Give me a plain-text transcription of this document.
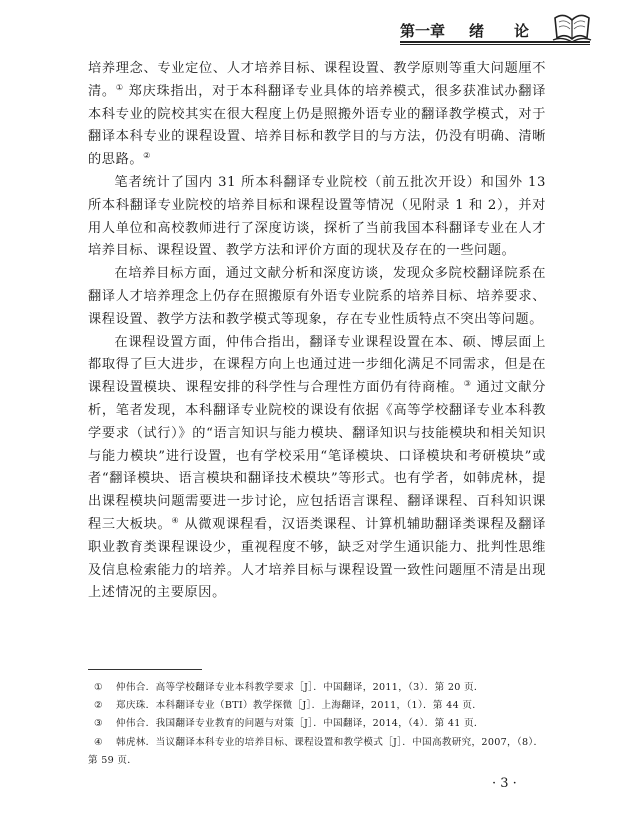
第一章 绪 论

培养理念、专业定位、人才培养目标、课程设置、教学原则等重大问题厘不清。① 郑庆珠指出，对于本科翻译专业具体的培养模式，很多获准试办翻译本科专业的院校其实在很大程度上仍是照搬外语专业的翻译教学模式，对于翻译本科专业的课程设置、培养目标和教学目的与方法，仍没有明确、清晰的思路。②

笔者统计了国内 31 所本科翻译专业院校（前五批次开设）和国外 13 所本科翻译专业院校的培养目标和课程设置等情况（见附录 1 和 2），并对用人单位和高校教师进行了深度访谈，探析了当前我国本科翻译专业在人才培养目标、课程设置、教学方法和评价方面的现状及存在的一些问题。

在培养目标方面，通过文献分析和深度访谈，发现众多院校翻译院系在翻译人才培养理念上仍存在照搬原有外语专业院系的培养目标、培养要求、课程设置、教学方法和教学模式等现象，存在专业性质特点不突出等问题。

在课程设置方面，仲伟合指出，翻译专业课程设置在本、硕、博层面上都取得了巨大进步，在课程方向上也通过进一步细化满足不同需求，但是在课程设置模块、课程安排的科学性与合理性方面仍有待商榷。③ 通过文献分析，笔者发现，本科翻译专业院校的课设有依据《高等学校翻译专业本科教学要求（试行）》的“语言知识与能力模块、翻译知识与技能模块和相关知识与能力模块”进行设置，也有学校采用“笔译模块、口译模块和考研模块”或者“翻译模块、语言模块和翻译技术模块”等形式。也有学者，如韩虎林，提出课程模块问题需要进一步讨论，应包括语言课程、翻译课程、百科知识课程三大板块。④ 从微观课程看，汉语类课程、计算机辅助翻译类课程及翻译职业教育类课程课设少，重视程度不够，缺乏对学生通识能力、批判性思维及信息检索能力的培养。人才培养目标与课程设置一致性问题厘不清是出现上述情况的主要原因。

① 仲伟合．高等学校翻译专业本科教学要求［J］．中国翻译，2011，（3）．第 20 页．

② 郑庆珠．本科翻译专业（BTI）教学探微［J］．上海翻译，2011，（1）．第 44 页．

③ 仲伟合．我国翻译专业教育的问题与对策［J］．中国翻译，2014，（4）．第 41 页．

④ 韩虎林．当议翻译本科专业的培养目标、课程设置和教学模式［J］．中国高教研究，2007，（8）．第 59 页．

· 3 ·
